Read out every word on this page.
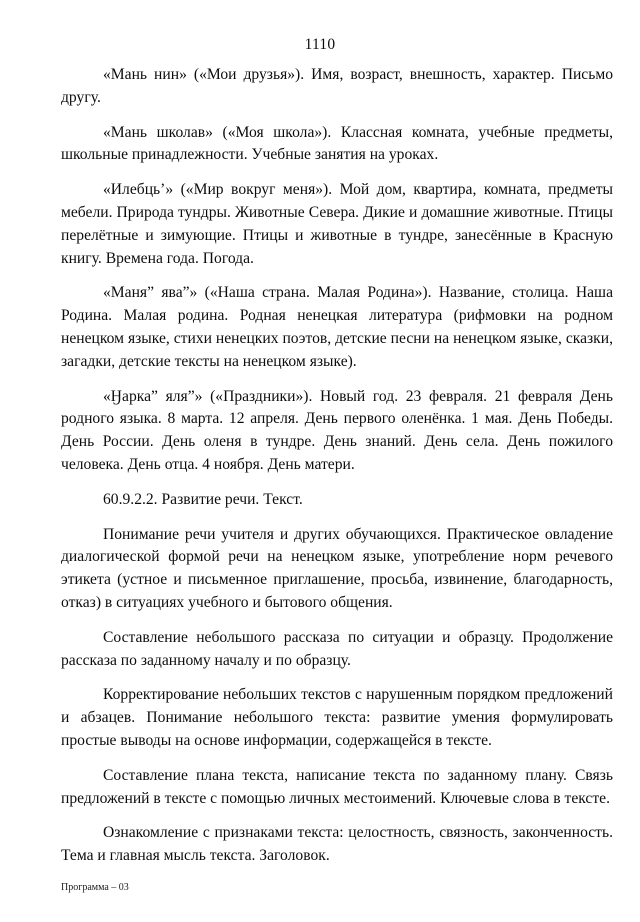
1110

«Мань нин» («Мои друзья»). Имя, возраст, внешность, характер. Письмо другу.

«Мань школав» («Моя школа»). Классная комната, учебные предметы, школьные принадлежности. Учебные занятия на уроках.

«Илебць’» («Мир вокруг меня»). Мой дом, квартира, комната, предметы мебели. Природа тундры. Животные Севера. Дикие и домашние животные. Птицы перелётные и зимующие. Птицы и животные в тундре, занесённые в Красную книгу. Времена года. Погода.

«Маня” ява”» («Наша страна. Малая Родина»). Название, столица. Наша Родина. Малая родина. Родная ненецкая литература (рифмовки на родном ненецком языке, стихи ненецких поэтов, детские песни на ненецком языке, сказки, загадки, детские тексты на ненецком языке).

«Ӈарка” яля”» («Праздники»). Новый год. 23 февраля. 21 февраля День родного языка. 8 марта. 12 апреля. День первого оленёнка. 1 мая. День Победы. День России. День оленя в тундре. День знаний. День села. День пожилого человека. День отца. 4 ноября. День матери.

60.9.2.2. Развитие речи. Текст.

Понимание речи учителя и других обучающихся. Практическое овладение диалогической формой речи на ненецком языке, употребление норм речевого этикета (устное и письменное приглашение, просьба, извинение, благодарность, отказ) в ситуациях учебного и бытового общения.

Составление небольшого рассказа по ситуации и образцу. Продолжение рассказа по заданному началу и по образцу.

Корректирование небольших текстов с нарушенным порядком предложений и абзацев. Понимание небольшого текста: развитие умения формулировать простые выводы на основе информации, содержащейся в тексте.

Составление плана текста, написание текста по заданному плану. Связь предложений в тексте с помощью личных местоимений. Ключевые слова в тексте.

Ознакомление с признаками текста: целостность, связность, законченность. Тема и главная мысль текста. Заголовок.

Программа – 03
